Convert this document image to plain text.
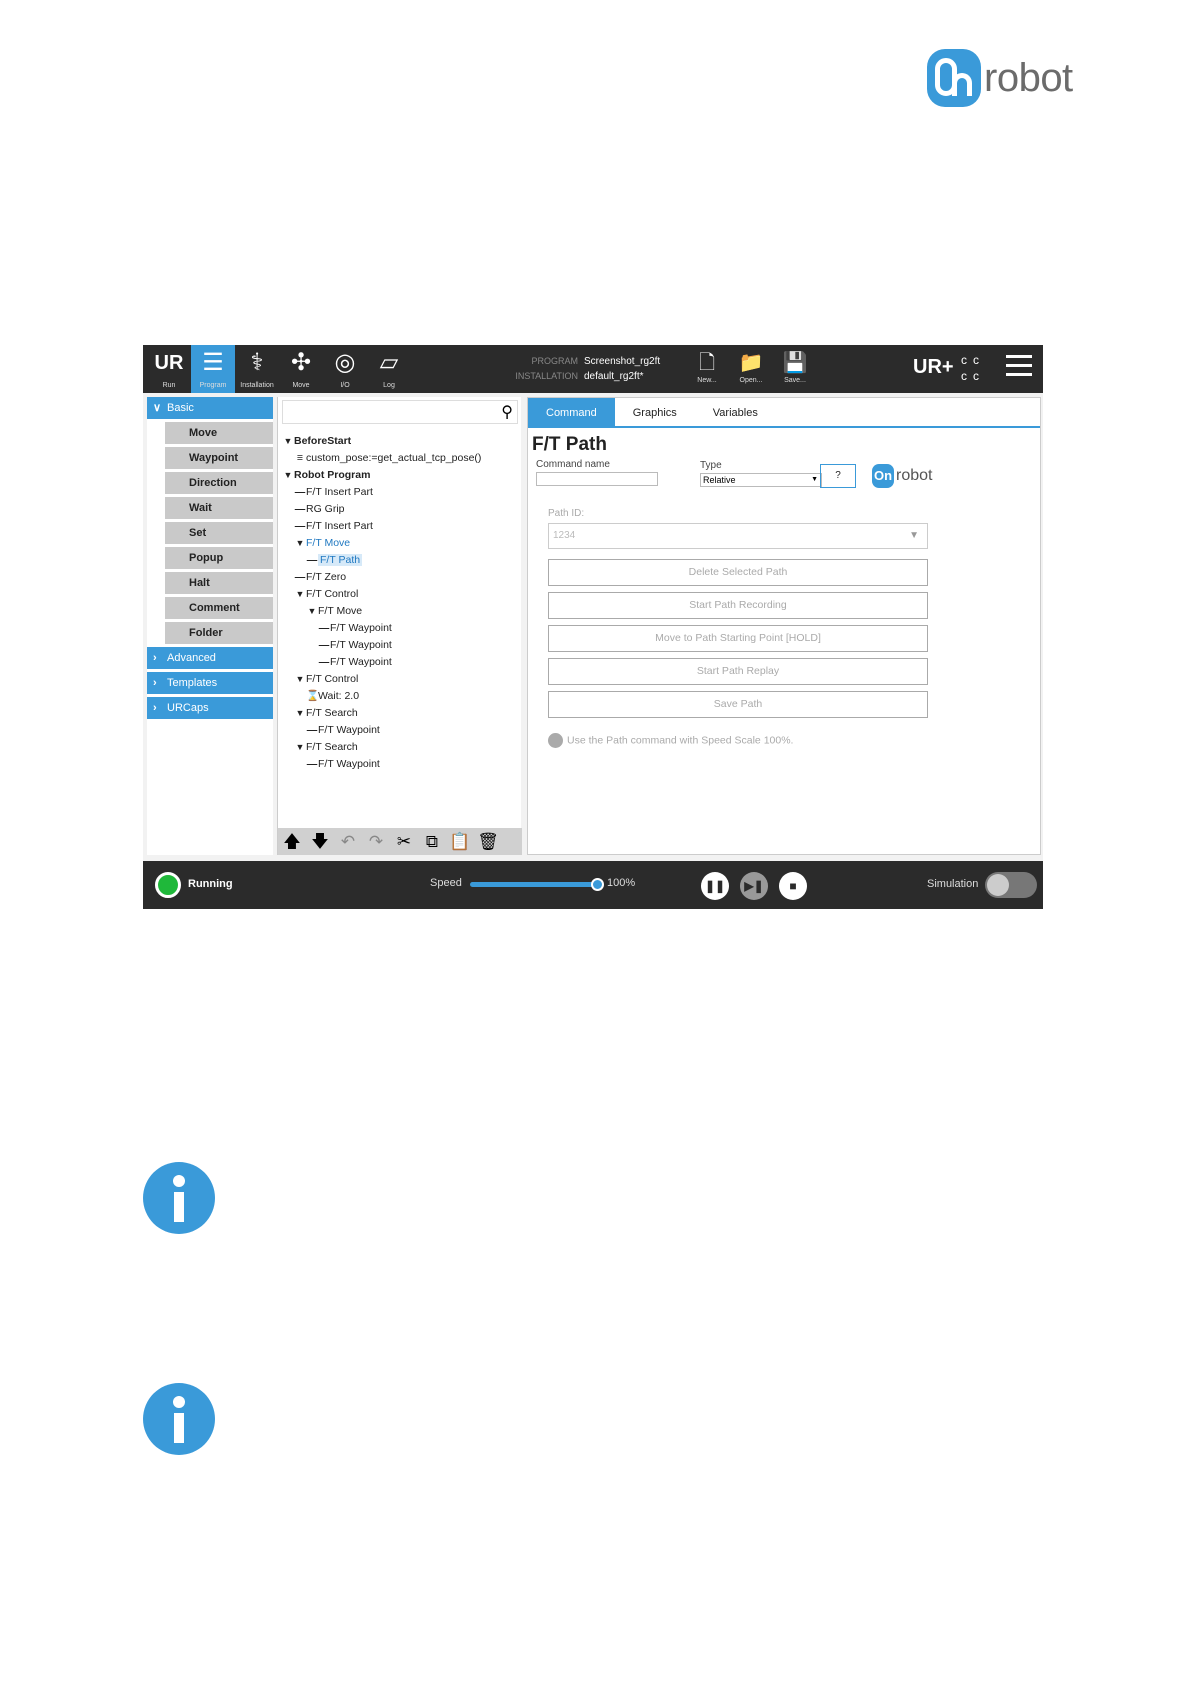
robot
UR
Run
☰
Program
⚕
Installation
✣
Move
◎
I/O
▱
Log
PROGRAM Screenshot_rg2ft
INSTALLATION default_rg2ft*
🗋
New...
📁
Open...
💾
Save...
UR+ cc
cc
∨ Basic
Move
Waypoint
Direction
Wait
Set
Popup
Halt
Comment
Folder
› Advanced
› Templates
› URCaps
⚲
▼ BeforeStart
≡ custom_pose:=get_actual_tcp_pose()
▼ Robot Program
—F/T Insert Part
—RG Grip
—F/T Insert Part
▼ F/T Move
— F/T Path
—F/T Zero
▼ F/T Control
▼ F/T Move
—F/T Waypoint
—F/T Waypoint
—F/T Waypoint
▼ F/T Control
⌛Wait: 2.0
▼ F/T Search
—F/T Waypoint
▼ F/T Search
—F/T Waypoint
🡅 🡇 ↶ ↷ ✂ ⧉ 📋 🗑
Command	Graphics	Variables
F/T Path
Command name	Type
Relative	▼	?	On robot
Path ID:
1234	▼
Delete Selected Path
Start Path Recording
Move to Path Starting Point [HOLD]
Start Path Replay
Save Path
Use the Path command with Speed Scale 100%.
Running	Speed	100%	❚❚	▶❚	■	Simulation
